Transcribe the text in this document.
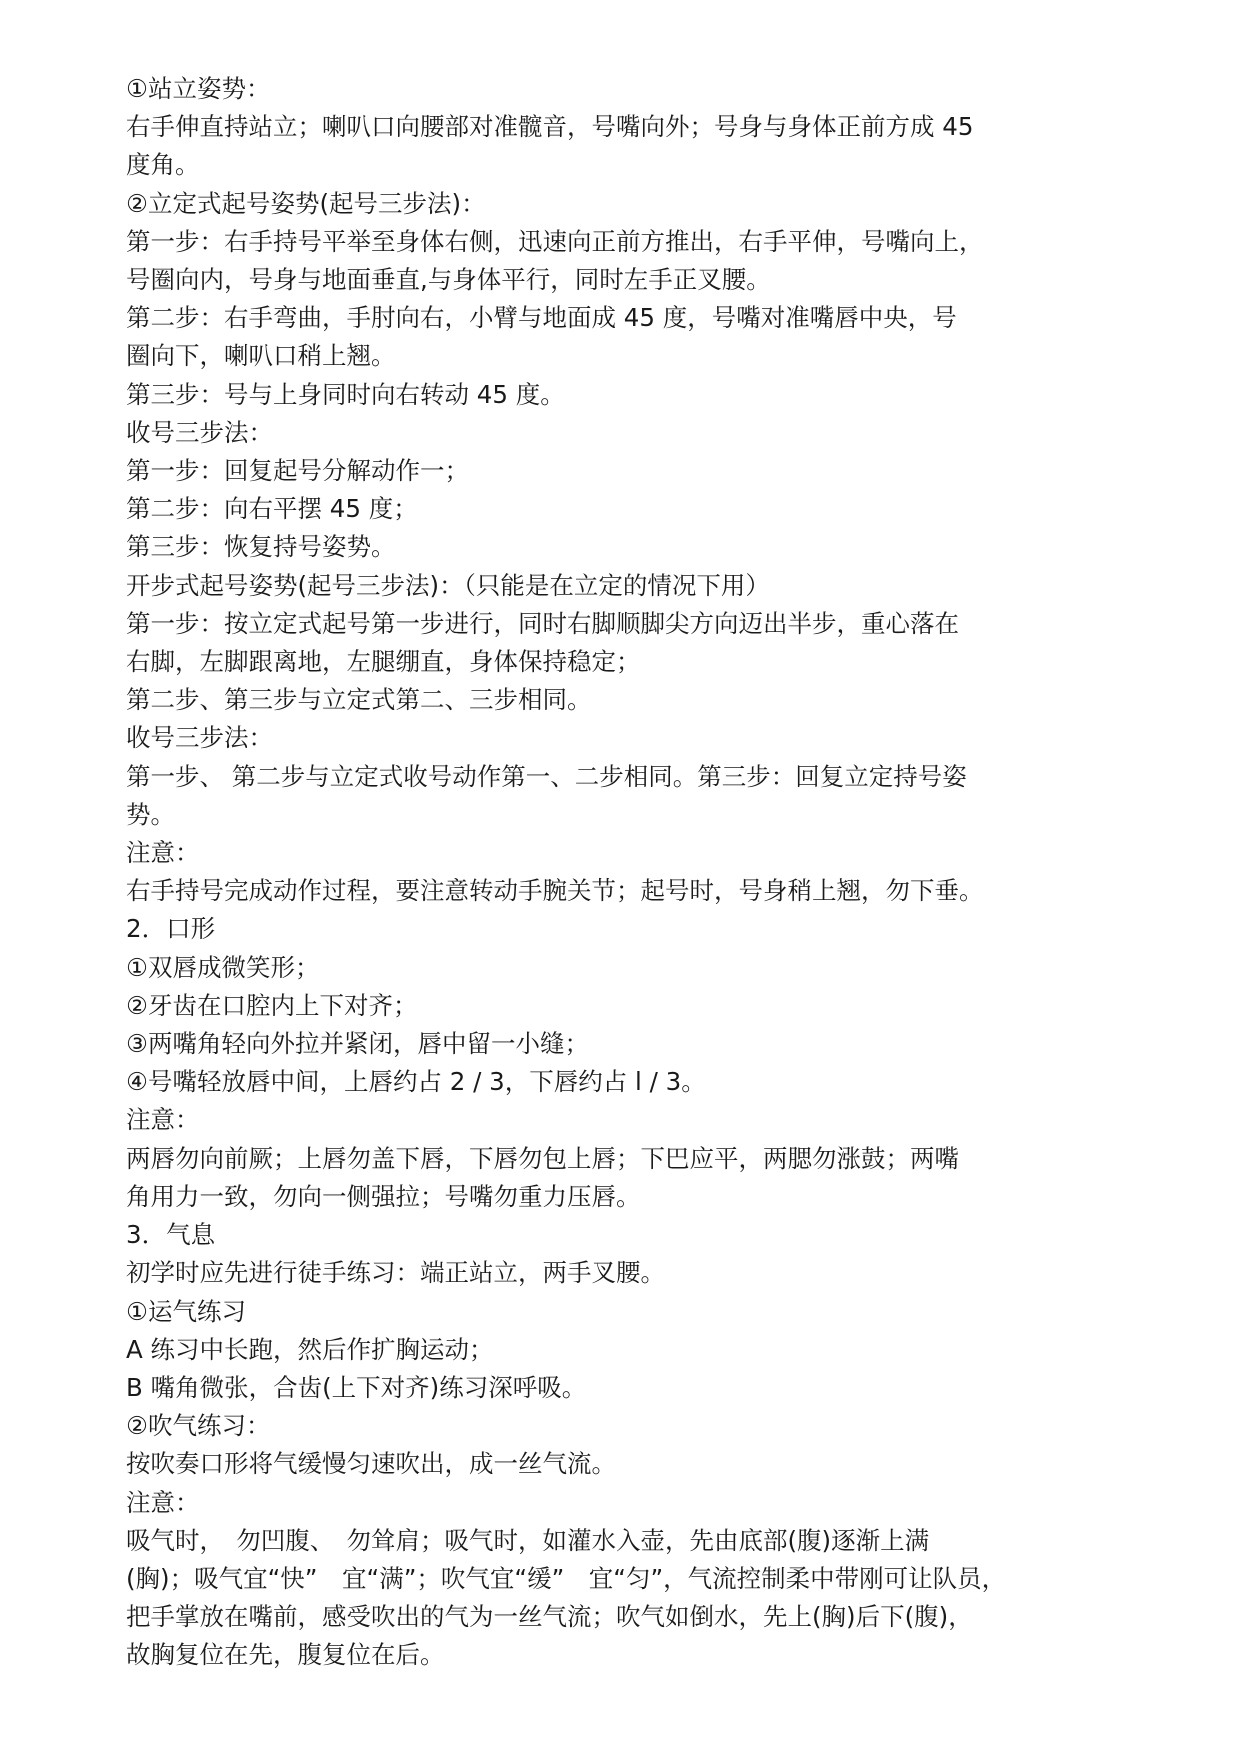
①站立姿势：

右手伸直持站立；喇叭口向腰部对准髋音，号嘴向外；号身与身体正前方成 45

度角。

②立定式起号姿势(起号三步法)：

第一步：右手持号平举至身体右侧，迅速向正前方推出，右手平伸，号嘴向上，

号圈向内，号身与地面垂直,与身体平行，同时左手正叉腰。

第二步：右手弯曲，手肘向右，小臂与地面成 45 度，号嘴对准嘴唇中央，号

圈向下，喇叭口稍上翘。

第三步：号与上身同时向右转动 45 度。

收号三步法：

第一步：回复起号分解动作一；

第二步：向右平摆 45 度；

第三步：恢复持号姿势。

开步式起号姿势(起号三步法)：（只能是在立定的情况下用）

第一步：按立定式起号第一步进行，同时右脚顺脚尖方向迈出半步，重心落在

右脚，左脚跟离地，左腿绷直，身体保持稳定；

第二步、第三步与立定式第二、三步相同。

收号三步法：

第一步、 第二步与立定式收号动作第一、二步相同。第三步：回复立定持号姿

势。

注意：

右手持号完成动作过程，要注意转动手腕关节；起号时，号身稍上翘，勿下垂。

2．口形

①双唇成微笑形；

②牙齿在口腔内上下对齐；

③两嘴角轻向外拉并紧闭，唇中留一小缝；

④号嘴轻放唇中间，上唇约占 2 / 3，下唇约占 l / 3。

注意：

两唇勿向前厥；上唇勿盖下唇，下唇勿包上唇；下巴应平，两腮勿涨鼓；两嘴

角用力一致，勿向一侧强拉；号嘴勿重力压唇。

3．气息

初学时应先进行徒手练习：端正站立，两手叉腰。

①运气练习

A 练习中长跑，然后作扩胸运动；

B 嘴角微张，合齿(上下对齐)练习深呼吸。

②吹气练习：

按吹奏口形将气缓慢匀速吹出，成一丝气流。

注意：

吸气时，　勿凹腹、　勿耸肩；吸气时，如灌水入壶，先由底部(腹)逐渐上满

(胸)；吸气宜“快”　宜“满”；吹气宜“缓”　宜“匀”，气流控制柔中带刚可让队员，

把手掌放在嘴前，感受吹出的气为一丝气流；吹气如倒水，先上(胸)后下(腹)，

故胸复位在先，腹复位在后。
